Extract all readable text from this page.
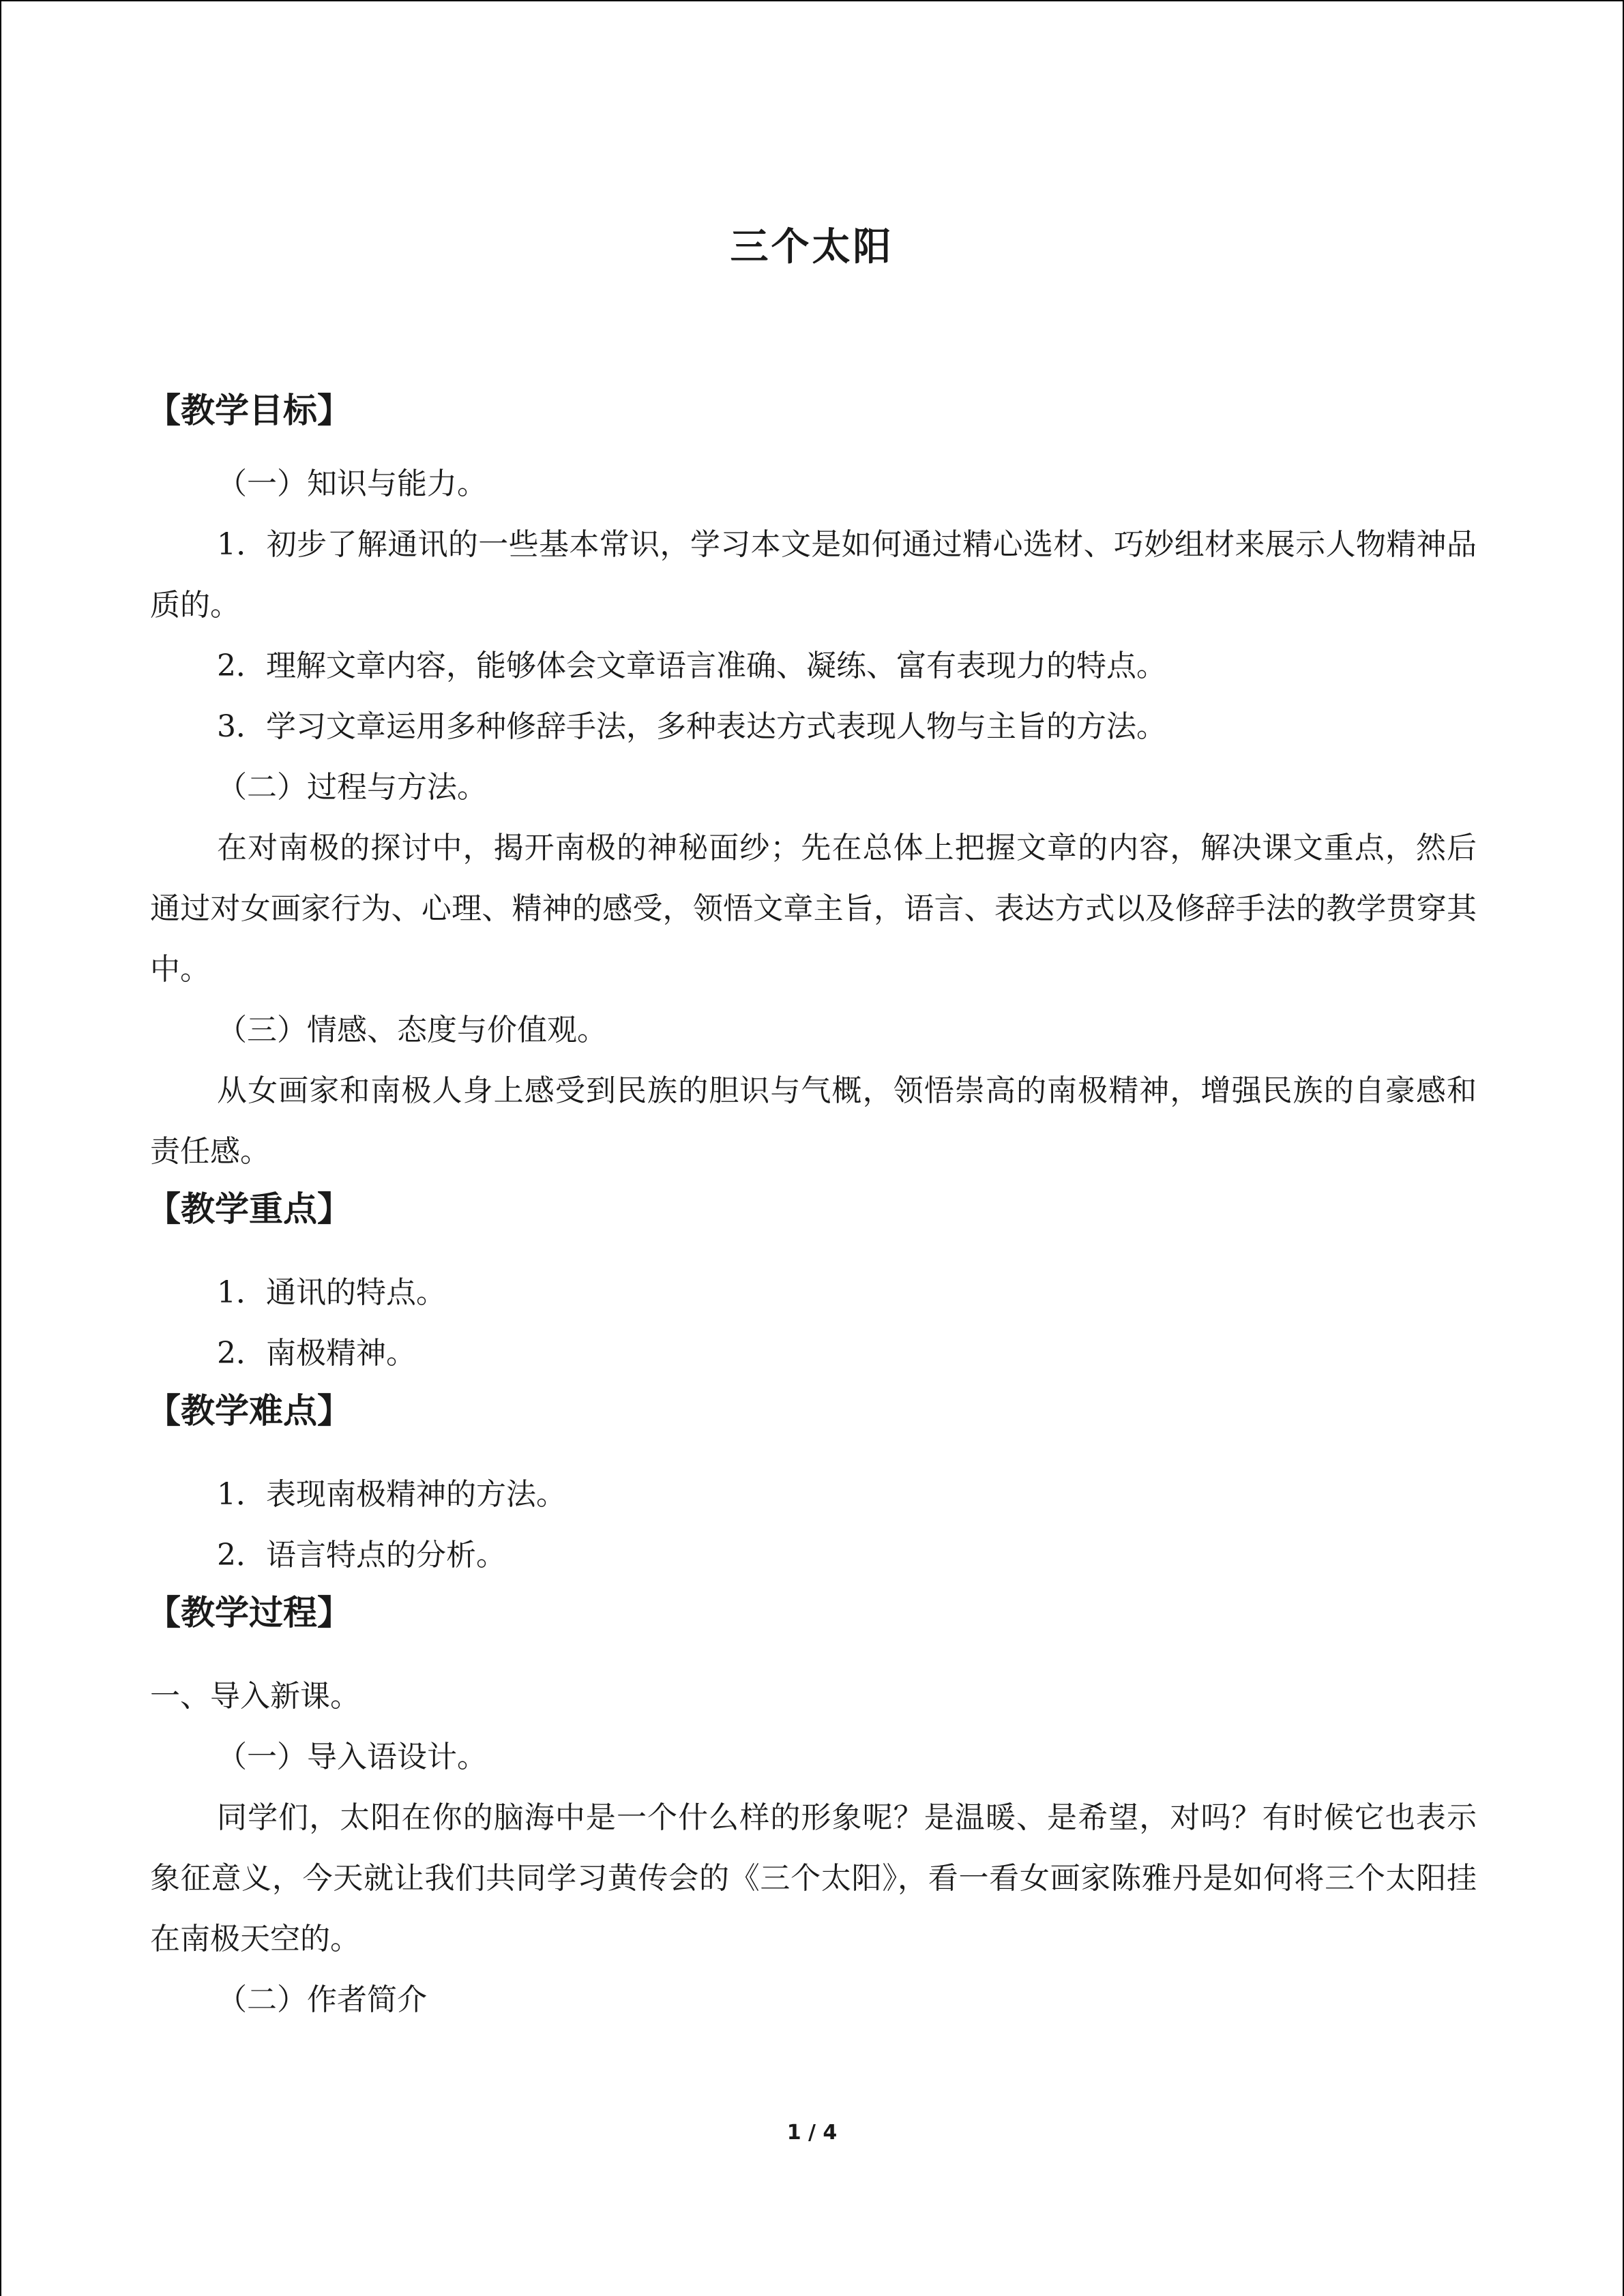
三个太阳
【教学目标】

（一）知识与能力。

1．初步了解通讯的一些基本常识，学习本文是如何通过精心选材、巧妙组材来展示人物精神品质的。

2．理解文章内容，能够体会文章语言准确、凝练、富有表现力的特点。

3．学习文章运用多种修辞手法，多种表达方式表现人物与主旨的方法。

（二）过程与方法。

在对南极的探讨中，揭开南极的神秘面纱；先在总体上把握文章的内容，解决课文重点，然后通过对女画家行为、心理、精神的感受，领悟文章主旨，语言、表达方式以及修辞手法的教学贯穿其中。

（三）情感、态度与价值观。

从女画家和南极人身上感受到民族的胆识与气概，领悟崇高的南极精神，增强民族的自豪感和责任感。

【教学重点】

1．通讯的特点。

2．南极精神。

【教学难点】

1．表现南极精神的方法。

2．语言特点的分析。

【教学过程】

一、导入新课。

（一）导入语设计。

同学们，太阳在你的脑海中是一个什么样的形象呢？是温暖、是希望，对吗？有时候它也表示象征意义，今天就让我们共同学习黄传会的《三个太阳》，看一看女画家陈雅丹是如何将三个太阳挂在南极天空的。

（二）作者简介

1 / 4
